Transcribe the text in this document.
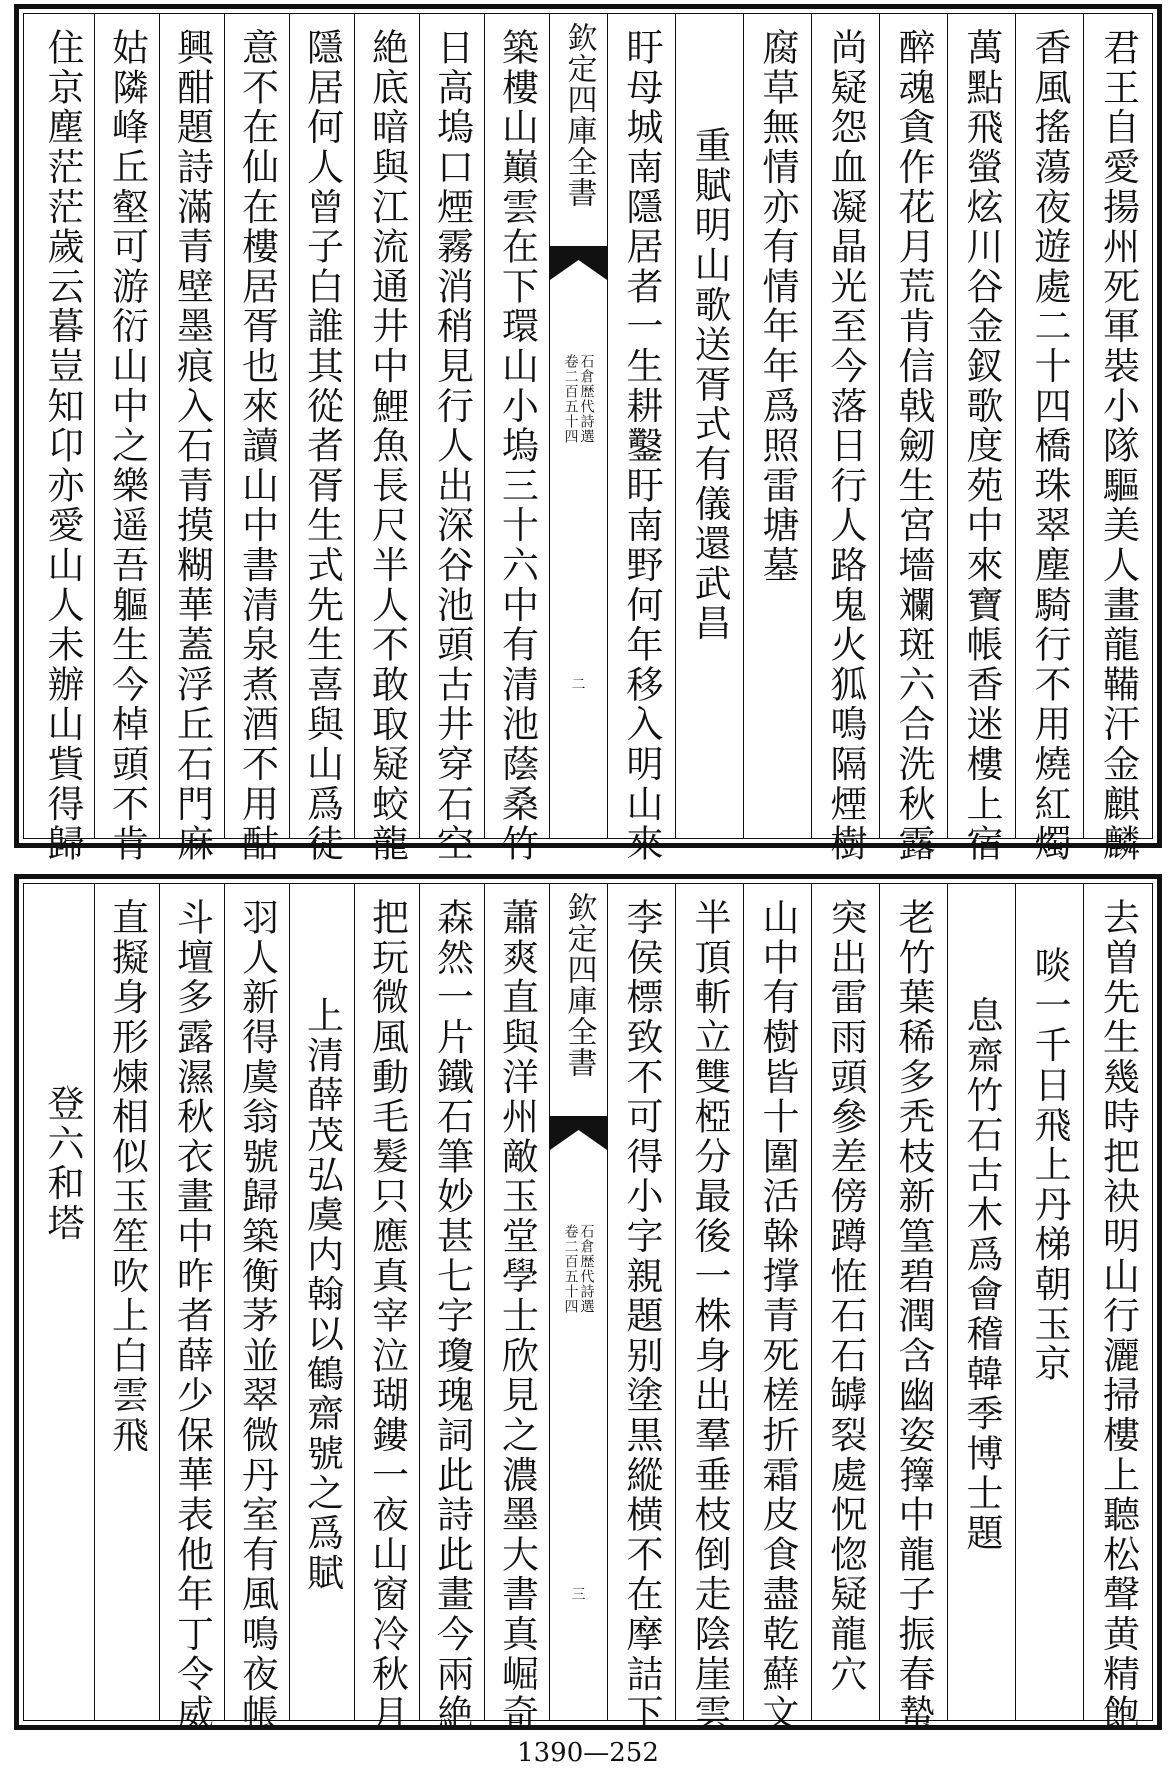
君王自愛揚州死軍裝小隊驅美人畫龍鞴汗金麒麟
香風搖蕩夜遊處二十四橋珠翠塵騎行不用燒紅燭
萬點飛螢炫川谷金釵歌度苑中來寶帳香迷樓上宿
醉魂貪作花月荒肯信戟劒生宮墻斕斑六合洗秋露
尚疑怨血凝晶光至今落日行人路鬼火狐鳴隔煙樹
腐草無情亦有情年年爲照雷塘墓
重賦明山歌送胥式有儀還武昌
盱母城南隱居者一生耕鑿盱南野何年移入明山來
欽定四庫全書
石倉歴代詩選
卷二百五十四
二
築樓山巔雲在下環山小塢三十六中有清池蔭桑竹
日高塢口煙霧消稍見行人出深谷池頭古井穿石空
絶底暗與江流通井中鯉魚長尺半人不敢取疑蛟龍
隱居何人曾子白誰其從者胥生式先生喜與山爲徒
意不在仙在樓居胥也來讀山中書清泉煮酒不用酤
興酣題詩滿青壁墨痕入石青摸糊華蓋浮丘石門麻
姑隣峰丘壑可游衍山中之樂遥吾軀生今棹頭不肯
住京塵茫茫歲云暮豈知卬亦愛山人未辦山貲得歸
去曽先生幾時把袂明山行灑掃樓上聽松聲黄精飽
啖一千日飛上丹梯朝玉京
息齋竹石古木爲會稽韓季博士題
老竹葉稀多秃枝新篁碧潤含幽姿籜中龍子振春蟄
突出雷雨頭參差傍蹲恠石石罅裂處怳惚疑龍穴
山中有樹皆十圍活榦撑青死槎折霜皮食盡乾蘚文
半頂斬立雙椏分最後一株身出羣垂枝倒走陰崖雲
李侯標致不可得小字親題别塗黒縱横不在摩詰下
欽定四庫全書
石倉歴代詩選
卷二百五十四
三
蕭爽直與洋州敵玉堂學士欣見之濃墨大書真崛奇
森然一片鐵石筆妙甚七字瓊瑰詞此詩此畫今兩絶
把玩微風動毛髮只應真宰泣瑚鏤一夜山窗冷秋月
上清薛茂弘虞内翰以鶴齋號之爲賦
羽人新得虞翁號歸築衡茅並翠微丹室有風鳴夜帳
斗壇多露濕秋衣畫中昨者薛少保華表他年丁令威
直擬身形煉相似玉笙吹上白雲飛
登六和塔
1390—252
